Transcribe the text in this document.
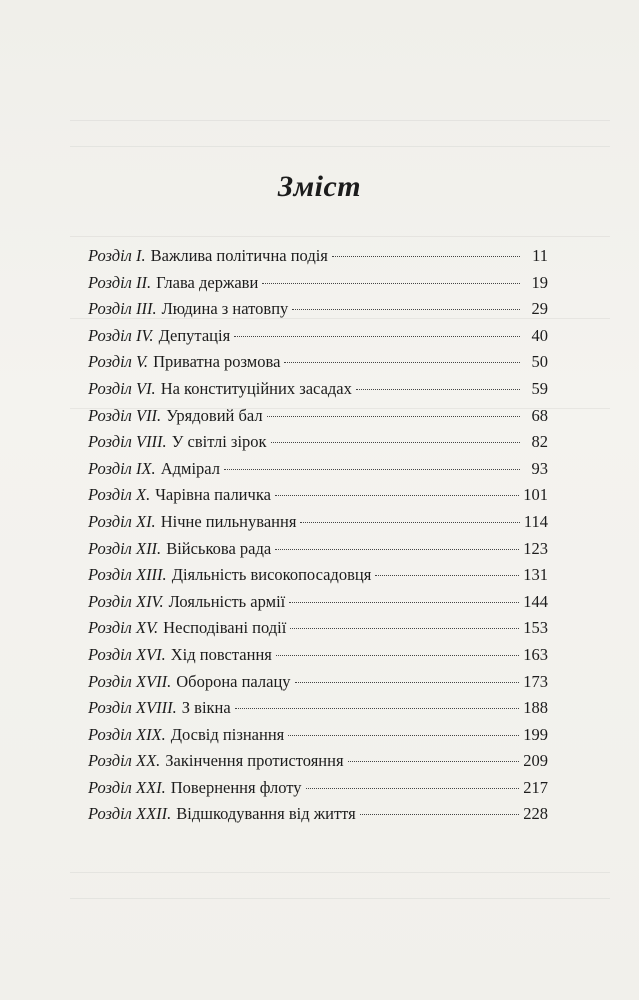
Зміст
Розділ I. Важлива політична подія	11
Розділ II. Глава держави	19
Розділ III. Людина з натовпу	29
Розділ IV. Депутація	40
Розділ V. Приватна розмова	50
Розділ VI. На конституційних засадах	59
Розділ VII. Урядовий бал	68
Розділ VIII. У світлі зірок	82
Розділ IX. Адмірал	93
Розділ X. Чарівна паличка	101
Розділ XI. Нічне пильнування	114
Розділ XII. Військова рада	123
Розділ XIII. Діяльність високопосадовця	131
Розділ XIV. Лояльність армії	144
Розділ XV. Несподівані події	153
Розділ XVI. Хід повстання	163
Розділ XVII. Оборона палацу	173
Розділ XVIII. З вікна	188
Розділ XIX. Досвід пізнання	199
Розділ XX. Закінчення протистояння	209
Розділ XXI. Повернення флоту	217
Розділ XXII. Відшкодування від життя	228
